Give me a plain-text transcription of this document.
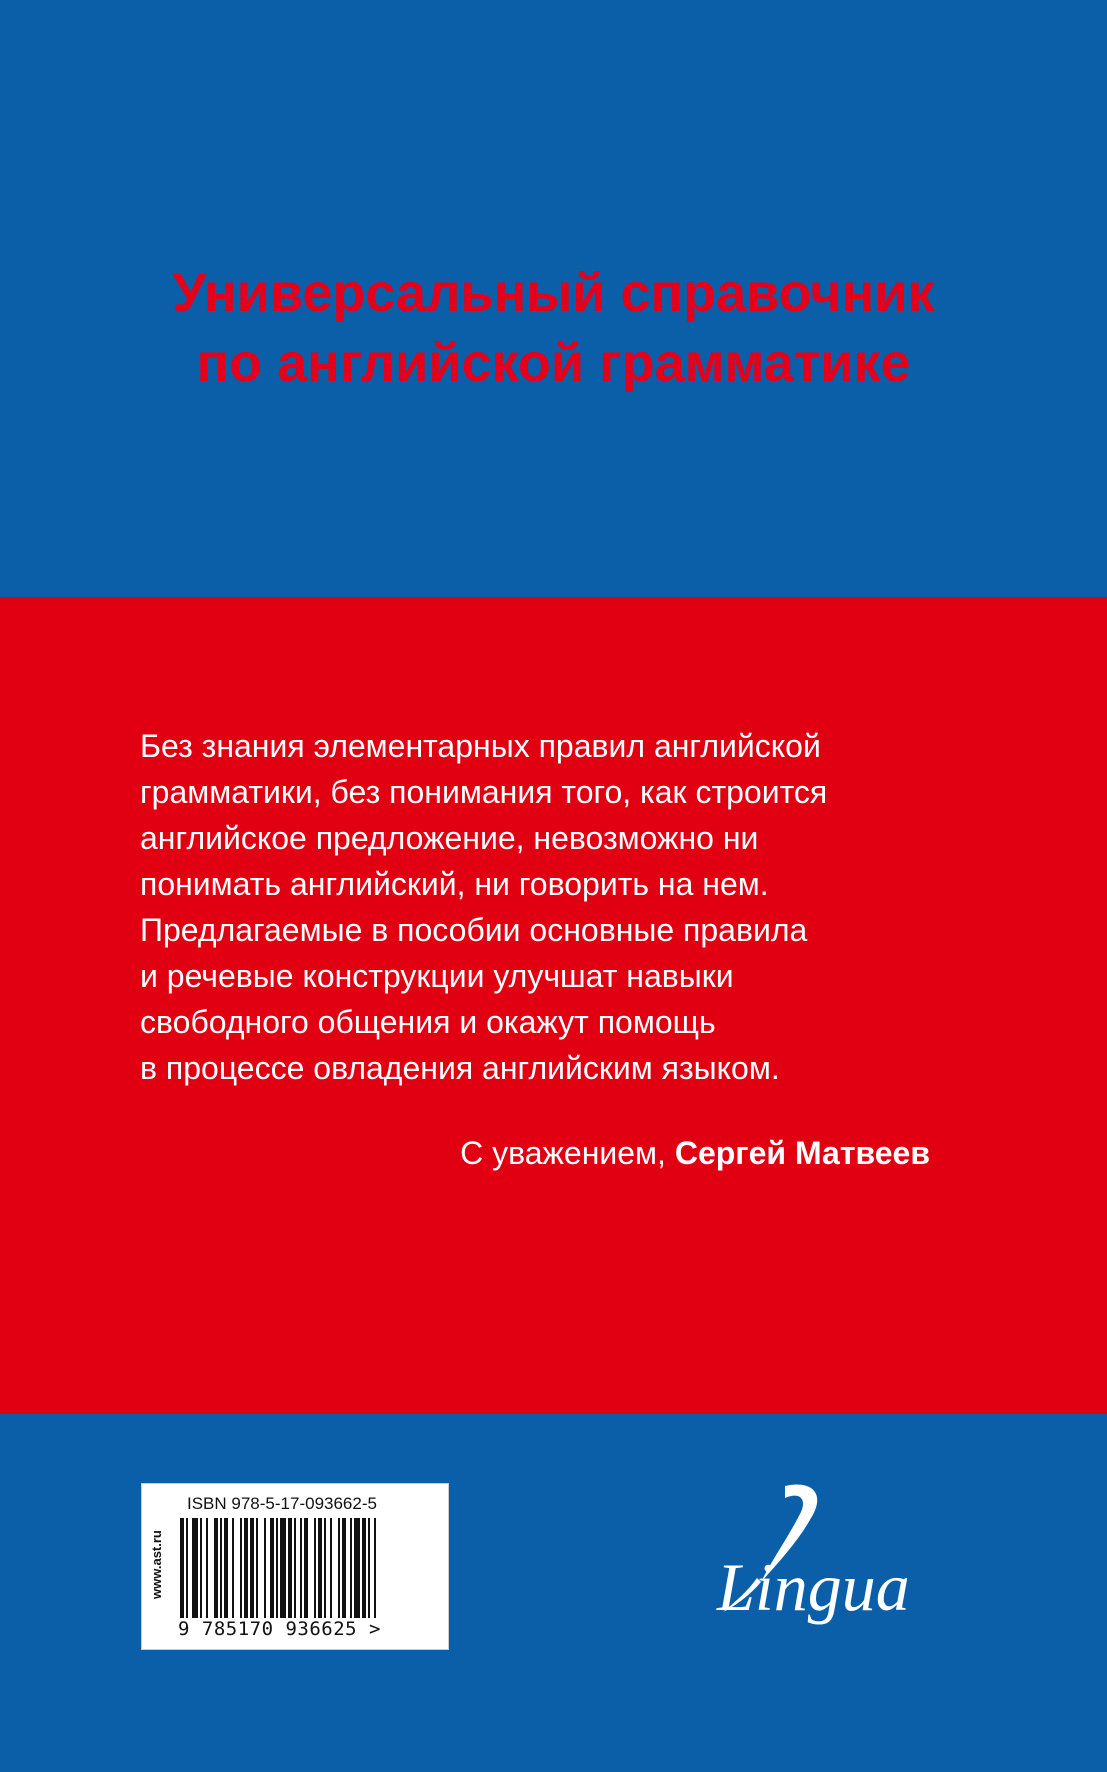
Универсальный справочник
по английской грамматике

Без знания элементарных правил английской
грамматики, без понимания того, как строится
английское предложение, невозможно ни
понимать английский, ни говорить на нем.
Предлагаемые в пособии основные правила
и речевые конструкции улучшат навыки
свободного общения и окажут помощь
в процессе овладения английским языком.

С уважением, Сергей Матвеев
www.ast.ru
ISBN 978-5-17-093662-5
9 785170 936625 >
Lingua
